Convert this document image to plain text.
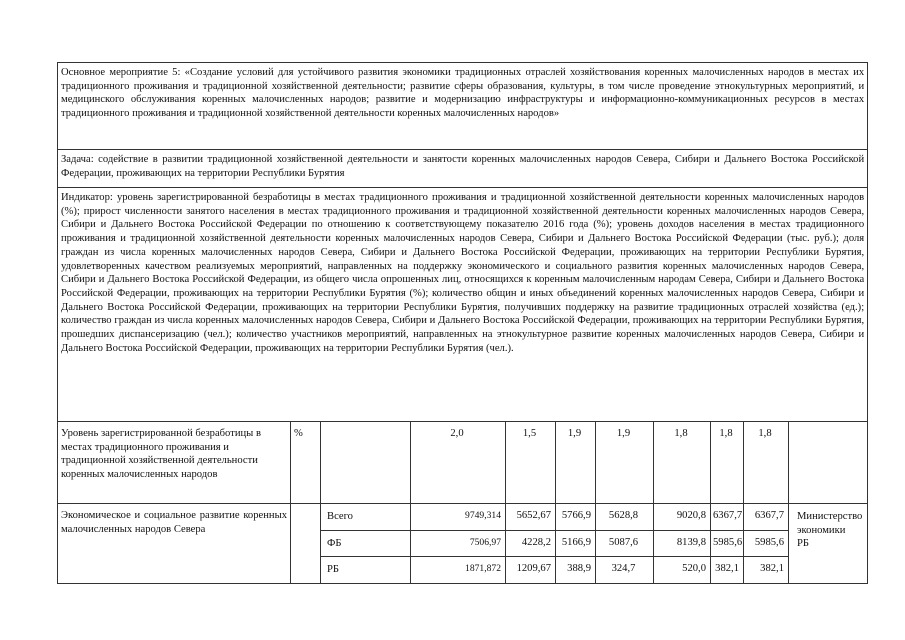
Основное мероприятие 5: «Создание условий для устойчивого развития экономики традиционных отраслей хозяйствования коренных малочисленных народов в местах их традиционного проживания и традиционной хозяйственной деятельности; развитие сферы образования, культуры, в том числе проведение этнокультурных мероприятий, и медицинского обслуживания коренных малочисленных народов; развитие и модернизацию инфраструктуры и информационно-коммуникационных ресурсов в местах традиционного проживания и традиционной хозяйственной деятельности коренных малочисленных народов»										
Задача: содействие в развитии традиционной хозяйственной деятельности и занятости коренных малочисленных народов Севера, Сибири и Дальнего Востока Российской Федерации, проживающих на территории Республики Бурятия										
Индикатор: уровень зарегистрированной безработицы в местах традиционного проживания и традиционной хозяйственной деятельности коренных малочисленных народов (%); прирост численности занятого населения в местах традиционного проживания и традиционной хозяйственной деятельности коренных малочисленных народов Севера, Сибири и Дальнего Востока Российской Федерации по отношению к соответствующему показателю 2016 года (%); уровень доходов населения в местах традиционного проживания и традиционной хозяйственной деятельности коренных малочисленных народов Севера, Сибири и Дальнего Востока Российской Федерации (тыс. руб.); доля граждан из числа коренных малочисленных народов Севера, Сибири и Дальнего Востока Российской Федерации, проживающих на территории Республики Бурятия, удовлетворенных качеством реализуемых мероприятий, направленных на поддержку экономического и социального развития коренных малочисленных народов Севера, Сибири и Дальнего Востока Российской Федерации, из общего числа опрошенных лиц, относящихся к коренным малочисленным народам Севера, Сибири и Дальнего Востока Российской Федерации, проживающих на территории Республики Бурятия (%); количество общин и иных объединений коренных малочисленных народов Севера, Сибири и Дальнего Востока Российской Федерации, проживающих на территории Республики Бурятия, получивших поддержку на развитие традиционных отраслей хозяйства (ед.); количество граждан из числа коренных малочисленных народов Севера, Сибири и Дальнего Востока Российской Федерации, проживающих на территории Республики Бурятия, прошедших диспансеризацию (чел.); количество участников мероприятий, направленных на этнокультурное развитие коренных малочисленных народов Севера, Сибири и Дальнего Востока Российской Федерации, проживающих на территории Республики Бурятия (чел.).										
Уровень зарегистрированной безработицы в местах традиционного проживания и традиционной хозяйственной деятельности коренных малочисленных народов	%		2,0	1,5	1,9	1,9	1,8	1,8	1,8	
Экономическое и социальное развитие коренных малочисленных народов Севера		Всего	9749,314	5652,67	5766,9	5628,8	9020,8	6367,7	6367,7	Министерство экономики РБ
		ФБ	7506,97	4228,2	5166,9	5087,6	8139,8	5985,6	5985,6	
		РБ	1871,872	1209,67	388,9	324,7	520,0	382,1	382,1	
